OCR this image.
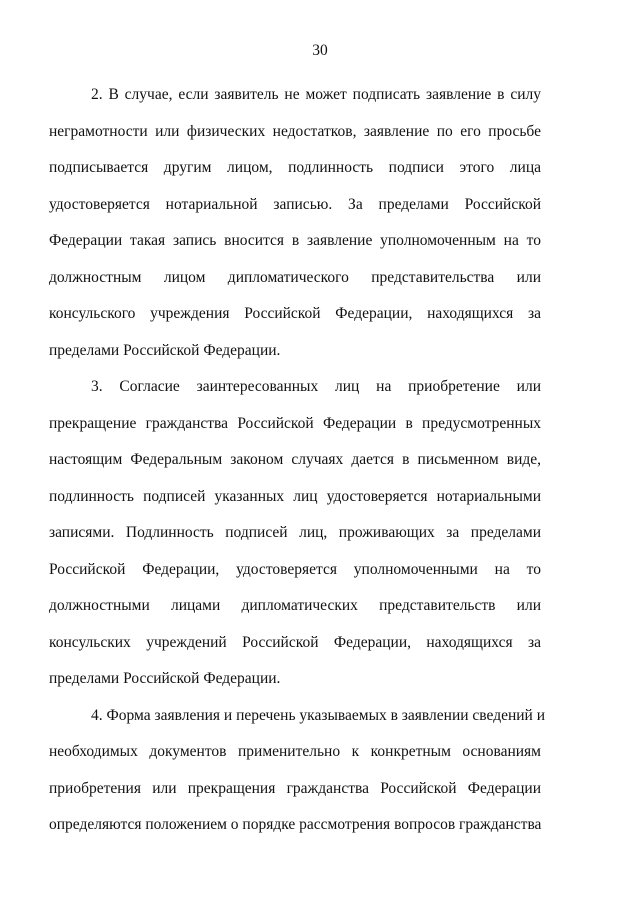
30
2. В случае, если заявитель не может подписать заявление в силу
неграмотности или физических недостатков, заявление по его просьбе
подписывается другим лицом, подлинность подписи этого лица
удостоверяется нотариальной записью. За пределами Российской
Федерации такая запись вносится в заявление уполномоченным на то
должностным лицом дипломатического представительства или
консульского учреждения Российской Федерации, находящихся за
пределами Российской Федерации.
3. Согласие заинтересованных лиц на приобретение или
прекращение гражданства Российской Федерации в предусмотренных
настоящим Федеральным законом случаях дается в письменном виде,
подлинность подписей указанных лиц удостоверяется нотариальными
записями. Подлинность подписей лиц, проживающих за пределами
Российской Федерации, удостоверяется уполномоченными на то
должностными лицами дипломатических представительств или
консульских учреждений Российской Федерации, находящихся за
пределами Российской Федерации.
4. Форма заявления и перечень указываемых в заявлении сведений и
необходимых документов применительно к конкретным основаниям
приобретения или прекращения гражданства Российской Федерации
определяются положением о порядке рассмотрения вопросов гражданства
